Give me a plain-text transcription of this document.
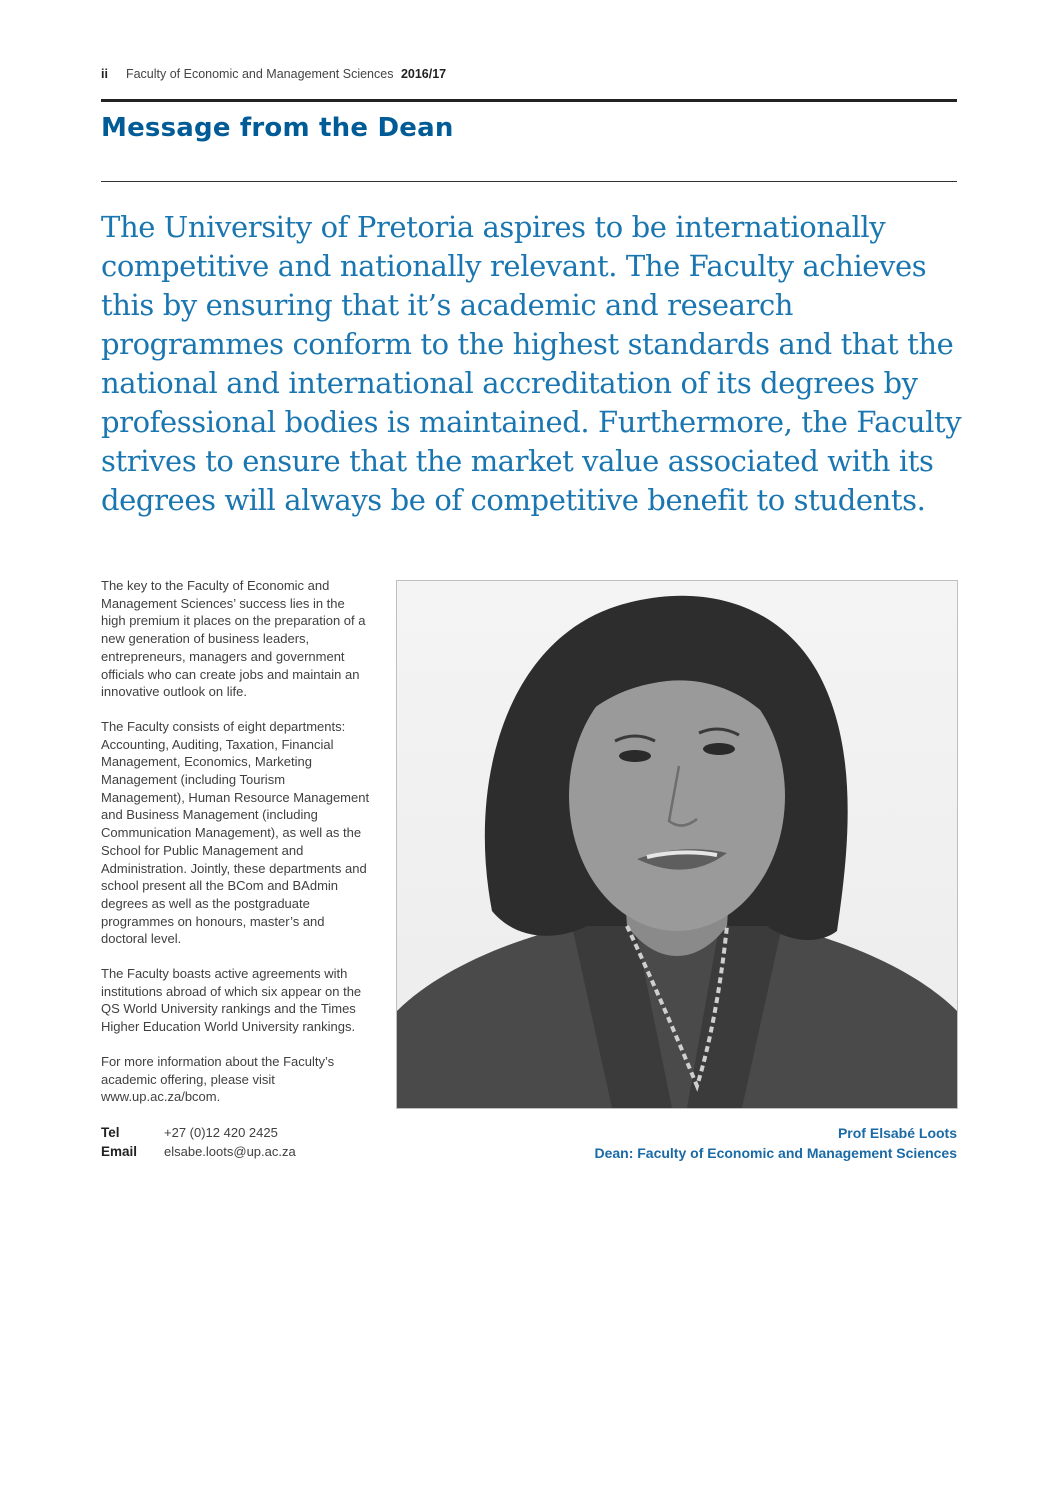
ii Faculty of Economic and Management Sciences 2016/17
Message from the Dean

The University of Pretoria aspires to be internationally competitive and nationally relevant. The Faculty achieves this by ensuring that it’s academic and research programmes conform to the highest standards and that the national and international accreditation of its degrees by professional bodies is maintained. Furthermore, the Faculty strives to ensure that the market value associated with its degrees will always be of competitive benefit to students.

The key to the Faculty of Economic and Management Sciences’ success lies in the high premium it places on the preparation of a new generation of business leaders, entrepreneurs, managers and government officials who can create jobs and maintain an innovative outlook on life.

The Faculty consists of eight departments: Accounting, Auditing, Taxation, Financial Management, Economics, Marketing Management (including Tourism Management), Human Resource Management and Business Management (including Communication Management), as well as the School for Public Management and Administration. Jointly, these departments and school present all the BCom and BAdmin degrees as well as the postgraduate programmes on honours, master’s and doctoral level.

The Faculty boasts active agreements with institutions abroad of which six appear on the QS World University rankings and the Times Higher Education World University rankings.

For more information about the Faculty’s academic offering, please visit www.up.ac.za/bcom.

Tel	+27 (0)12 420 2425
Email	elsabe.loots@up.ac.za
Prof Elsabé Loots
Dean: Faculty of Economic and Management Sciences
